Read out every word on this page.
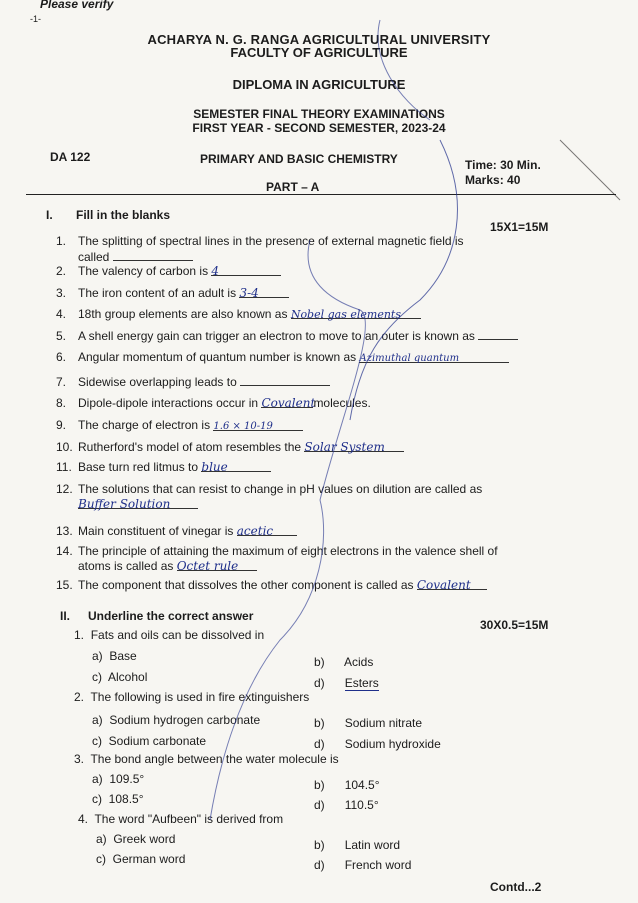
Please verify
-1-
ACHARYA N. G. RANGA AGRICULTURAL UNIVERSITY
FACULTY OF AGRICULTURE
DIPLOMA IN AGRICULTURE
SEMESTER FINAL THEORY EXAMINATIONS
FIRST YEAR - SECOND SEMESTER, 2023-24
DA 122	PRIMARY AND BASIC CHEMISTRY	Time: 30 Min.
Marks: 40
PART – A
I. Fill in the blanks
15X1=15M
1. The splitting of spectral lines in the presence of external magnetic field is
called
2. The valency of carbon is 4
3. The iron content of an adult is 3-4
4. 18th group elements are also known as Nobel gas elements
5. A shell energy gain can trigger an electron to move to an outer is known as
6. Angular momentum of quantum number is known as Azimuthal quantum
7. Sidewise overlapping leads to
8. Dipole-dipole interactions occur in Covalentmolecules.
9. The charge of electron is 1.6 × 10-19
10. Rutherford's model of atom resembles the Solar System
11. Base turn red litmus to blue
12. The solutions that can resist to change in pH values on dilution are called as
Buffer Solution
13. Main constituent of vinegar is acetic
14. The principle of attaining the maximum of eight electrons in the valence shell of
atoms is called as Octet rule
15. The component that dissolves the other component is called as Covalent
II. Underline the correct answer
30X0.5=15M
1. Fats and oils can be dissolved in
a) Base	b) Acids
c) Alcohol	d) Esters
2. The following is used in fire extinguishers
a) Sodium hydrogen carbonate	b) Sodium nitrate
c) Sodium carbonate	d) Sodium hydroxide
3. The bond angle between the water molecule is
a) 109.5°	b) 104.5°
c) 108.5°	d) 110.5°
4. The word "Aufbeen" is derived from
a) Greek word	b) Latin word
c) German word	d) French word
Contd...2
